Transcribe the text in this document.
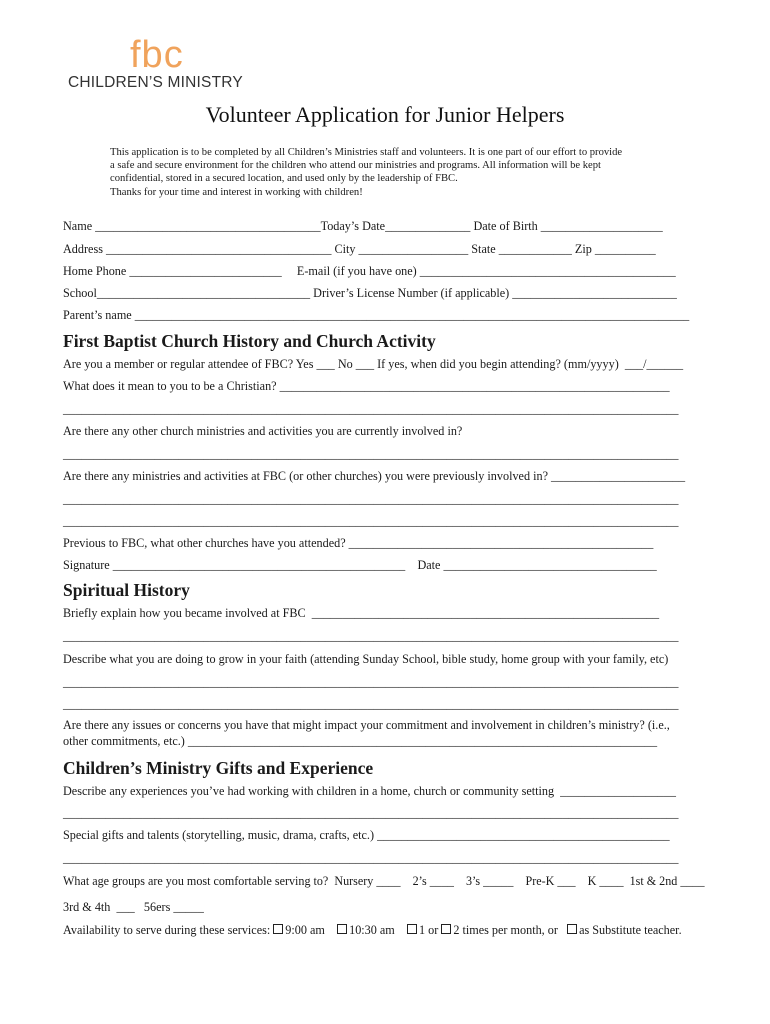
fbc
CHILDREN’S MINISTRY
Volunteer Application for Junior Helpers
This application is to be completed by all Children’s Ministries staff and volunteers. It is one part of our effort to provide
a safe and secure environment for the children who attend our ministries and programs. All information will be kept
confidential, stored in a secured location, and used only by the leadership of FBC.
Thanks for your time and interest in working with children!
Name _____________________________________Today’s Date______________ Date of Birth ____________________
Address _____________________________________ City __________________ State ____________ Zip __________
Home Phone _________________________     E-mail (if you have one) __________________________________________
School___________________________________ Driver’s License Number (if applicable) ___________________________
Parent’s name ___________________________________________________________________________________________
First Baptist Church History and Church Activity
Are you a member or regular attendee of FBC? Yes ___ No ___ If yes, when did you begin attending? (mm/yyyy)  ___/______
What does it mean to you to be a Christian? ________________________________________________________________
_____________________________________________________________________________________________________
Are there any other church ministries and activities you are currently involved in?
_____________________________________________________________________________________________________
Are there any ministries and activities at FBC (or other churches) you were previously involved in? ______________________
_____________________________________________________________________________________________________
_____________________________________________________________________________________________________
Previous to FBC, what other churches have you attended? __________________________________________________
Signature ________________________________________________    Date ___________________________________
Spiritual History
Briefly explain how you became involved at FBC  _________________________________________________________
_____________________________________________________________________________________________________
Describe what you are doing to grow in your faith (attending Sunday School, bible study, home group with your family, etc)
_____________________________________________________________________________________________________
_____________________________________________________________________________________________________
Are there any issues or concerns you have that might impact your commitment and involvement in children’s ministry? (i.e.,
other commitments, etc.) _____________________________________________________________________________
Children’s Ministry Gifts and Experience
Describe any experiences you’ve had working with children in a home, church or community setting  ___________________
_____________________________________________________________________________________________________
Special gifts and talents (storytelling, music, drama, crafts, etc.) ________________________________________________
_____________________________________________________________________________________________________
What age groups are you most comfortable serving to?  Nursery ____    2’s ____    3’s _____    Pre-K ___    K ____  1st & 2nd ____
3rd & 4th  ___   56ers _____
Availability to serve during these services: 9:00 am 10:30 am 1 or 2 times per month, or as Substitute teacher.
